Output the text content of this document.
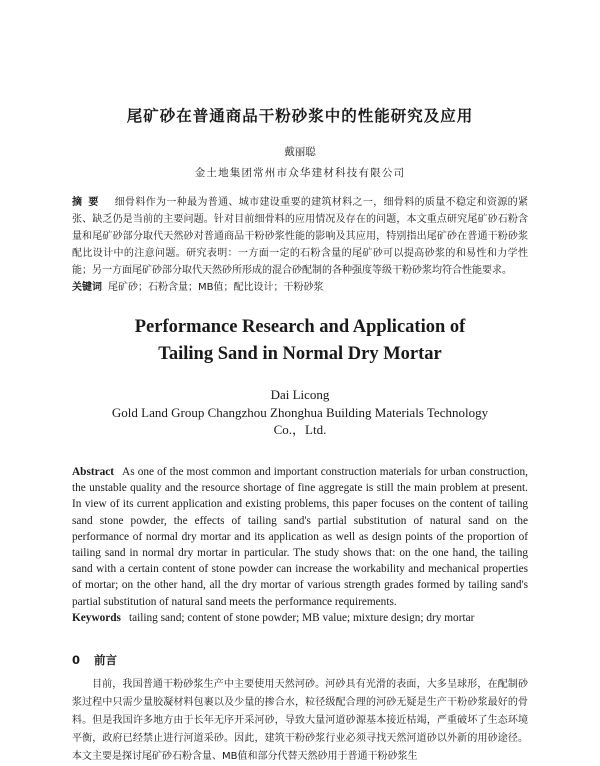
尾矿砂在普通商品干粉砂浆中的性能研究及应用
戴丽聪
金土地集团常州市众华建材科技有限公司
摘要 细骨料作为一种最为普通、城市建设重要的建筑材料之一，细骨料的质量不稳定和资源的紧张、缺乏仍是当前的主要问题。针对目前细骨料的应用情况及存在的问题，本文重点研究尾矿砂石粉含量和尾矿砂部分取代天然砂对普通商品干粉砂浆性能的影响及其应用，特别指出尾矿砂在普通干粉砂浆配比设计中的注意问题。研究表明：一方面一定的石粉含量的尾矿砂可以提高砂浆的和易性和力学性能；另一方面尾矿砂部分取代天然砂所形成的混合砂配制的各种强度等级干粉砂浆均符合性能要求。
关键词 尾矿砂；石粉含量；MB值；配比设计；干粉砂浆
Performance Research and Application of
Tailing Sand in Normal Dry Mortar
Dai Licong
Gold Land Group Changzhou Zhonghua Building Materials Technology
Co.，Ltd.
Abstract As one of the most common and important construction materials for urban construction, the unstable quality and the resource shortage of fine aggregate is still the main problem at present. In view of its current application and existing problems, this paper focuses on the content of tailing sand stone powder, the effects of tailing sand's partial substitution of natural sand on the performance of normal dry mortar and its application as well as design points of the proportion of tailing sand in normal dry mortar in particular. The study shows that: on the one hand, the tailing sand with a certain content of stone powder can increase the workability and mechanical properties of mortar; on the other hand, all the dry mortar of various strength grades formed by tailing sand's partial substitution of natural sand meets the performance requirements.
Keywords tailing sand; content of stone powder; MB value; mixture design; dry mortar
0 前言
目前，我国普通干粉砂浆生产中主要使用天然河砂。河砂具有光滑的表面，大多呈球形，在配制砂浆过程中只需少量胶凝材料包裹以及少量的掺合水，粒径级配合理的河砂无疑是生产干粉砂浆最好的骨料。但是我国许多地方由于长年无序开采河砂，导致大量河道砂源基本接近枯竭，严重破坏了生态环境平衡，政府已经禁止进行河道采砂。因此，建筑干粉砂浆行业必须寻找天然河道砂以外新的用砂途径。本文主要是探讨尾矿砂石粉含量、MB值和部分代替天然砂用于普通干粉砂浆生
